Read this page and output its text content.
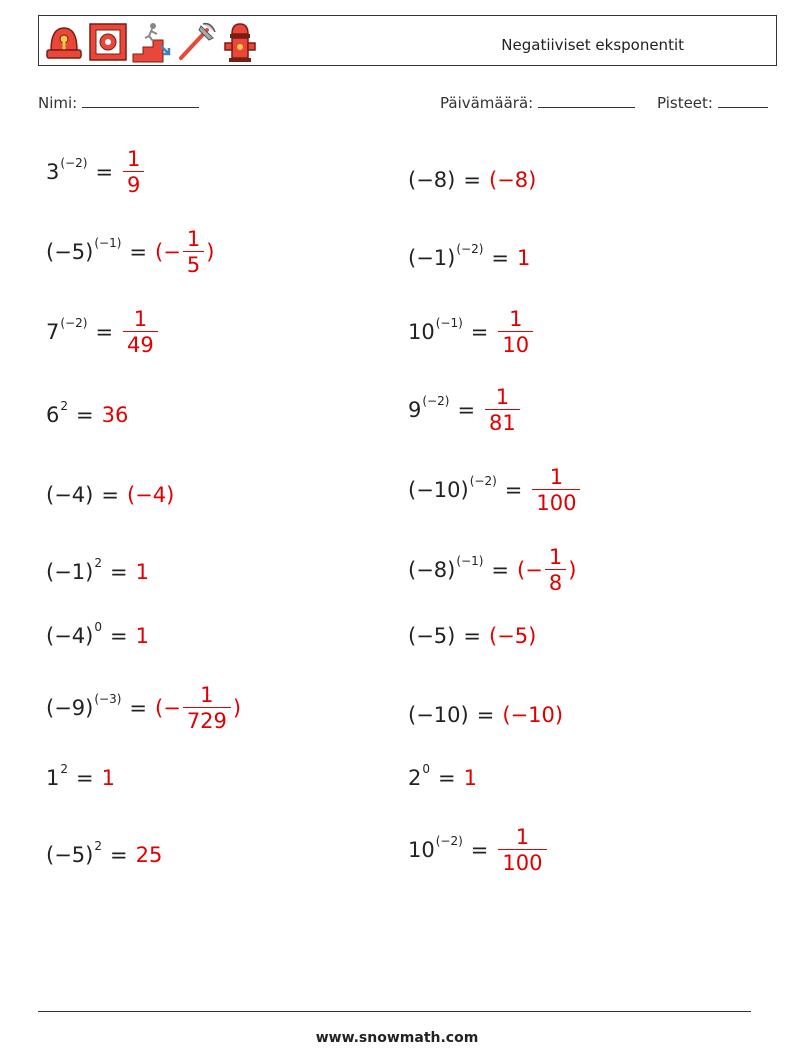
Negatiiviset eksponentit
Nimi:	Päivämäärä:	Pisteet:
$3^{(-2)} = \frac{1}{9}$	(−8) = (−8)
$(-5)^{(-1)}$ = (− $\frac{1}{5}$ )	$(-1)^{(-2)} = 1$
$7^{(-2)} = \frac{1}{49}$	$10^{(-1)} = \frac{1}{10}$
$6^2 = 36$	$9^{(-2)} = \frac{1}{81}$
(−4) = (−4)	$(-10)^{(-2)} = \frac{1}{100}$
$(-1)^2 = 1$	$(-8)^{(-1)}$ = (− $\frac{1}{8}$ )
$(-4)^0 = 1$	(−5) = (−5)
$(-9)^{(-3)}$ = (− $\frac{1}{729}$ )	(−10) = (−10)
$1^2 = 1$	$2^0 = 1$
$(-5)^2 = 25$	$10^{(-2)} = \frac{1}{100}$
www.snowmath.com
